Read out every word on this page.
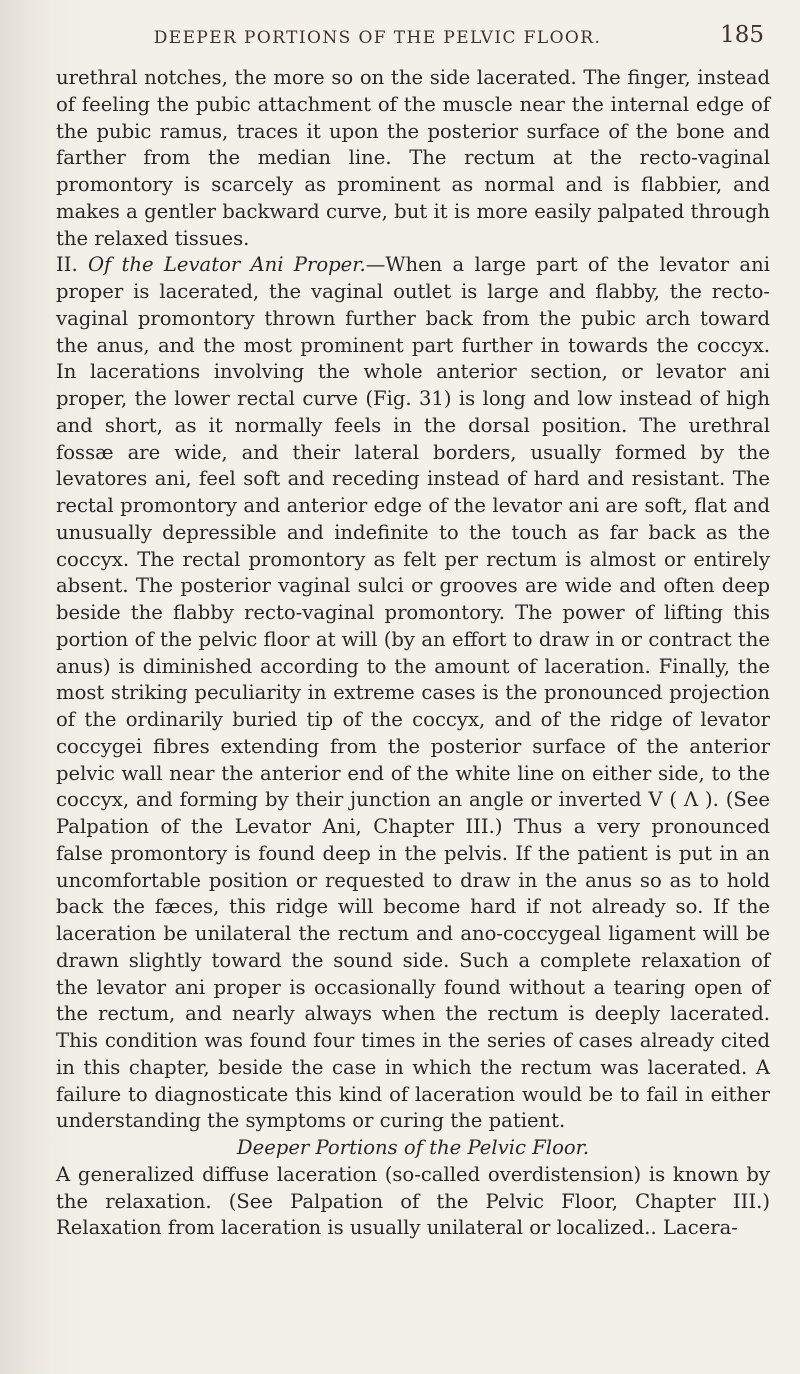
DEEPER PORTIONS OF THE PELVIC FLOOR.	185

urethral notches, the more so on the side lacerated. The finger, instead of feeling the pubic attachment of the muscle near the internal edge of the pubic ramus, traces it upon the posterior surface of the bone and farther from the median line. The rectum at the recto-vaginal promontory is scarcely as prominent as normal and is flabbier, and makes a gentler backward curve, but it is more easily palpated through the relaxed tissues.

II. Of the Levator Ani Proper.—When a large part of the levator ani proper is lacerated, the vaginal outlet is large and flabby, the recto-vaginal promontory thrown further back from the pubic arch toward the anus, and the most prominent part further in towards the coccyx. In lacerations involving the whole anterior section, or levator ani proper, the lower rectal curve (Fig. 31) is long and low instead of high and short, as it normally feels in the dorsal position. The urethral fossæ are wide, and their lateral borders, usually formed by the levatores ani, feel soft and receding instead of hard and resistant. The rectal promontory and anterior edge of the levator ani are soft, flat and unusually depressible and indefinite to the touch as far back as the coccyx. The rectal promontory as felt per rectum is almost or entirely absent. The posterior vaginal sulci or grooves are wide and often deep beside the flabby recto-vaginal promontory. The power of lifting this portion of the pelvic floor at will (by an effort to draw in or contract the anus) is diminished according to the amount of laceration. Finally, the most striking peculiarity in extreme cases is the pronounced projection of the ordinarily buried tip of the coccyx, and of the ridge of levator coccygei fibres extending from the posterior surface of the anterior pelvic wall near the anterior end of the white line on either side, to the coccyx, and forming by their junction an angle or inverted V ( Λ ). (See Palpation of the Levator Ani, Chapter III.) Thus a very pronounced false promontory is found deep in the pelvis. If the patient is put in an uncomfortable position or requested to draw in the anus so as to hold back the fæces, this ridge will become hard if not already so. If the laceration be unilateral the rectum and ano-coccygeal ligament will be drawn slightly toward the sound side. Such a complete relaxation of the levator ani proper is occasionally found without a tearing open of the rectum, and nearly always when the rectum is deeply lacerated. This condition was found four times in the series of cases already cited in this chapter, beside the case in which the rectum was lacerated. A failure to diagnosticate this kind of laceration would be to fail in either understanding the symptoms or curing the patient.

Deeper Portions of the Pelvic Floor.

A generalized diffuse laceration (so-called overdistension) is known by the relaxation. (See Palpation of the Pelvic Floor, Chapter III.) Relaxation from laceration is usually unilateral or localized.. Lacera-
